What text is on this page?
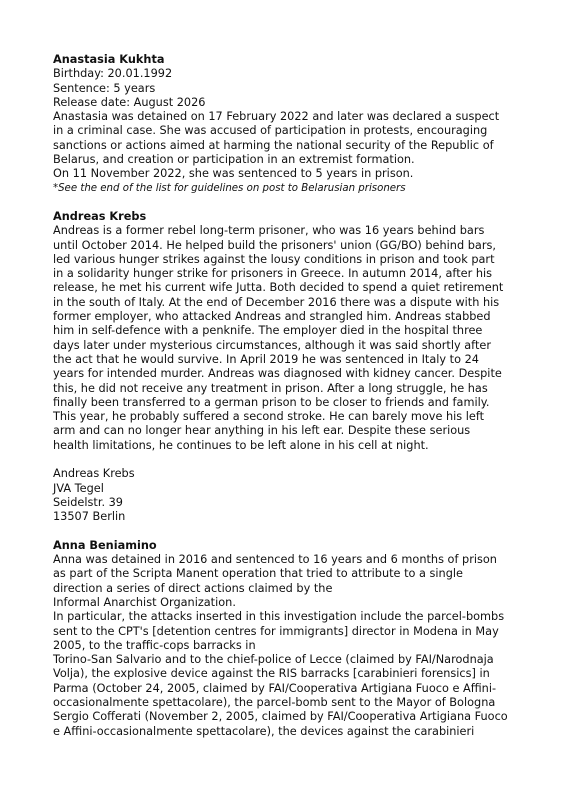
Anastasia Kukhta
Birthday: 20.01.1992
Sentence: 5 years
Release date: August 2026
Anastasia was detained on 17 February 2022 and later was declared a suspect
in a criminal case. She was accused of participation in protests, encouraging
sanctions or actions aimed at harming the national security of the Republic of
Belarus, and creation or participation in an extremist formation.
On 11 November 2022, she was sentenced to 5 years in prison.
*See the end of the list for guidelines on post to Belarusian prisoners
Andreas Krebs
Andreas is a former rebel long-term prisoner, who was 16 years behind bars
until October 2014. He helped build the prisoners' union (GG/BO) behind bars,
led various hunger strikes against the lousy conditions in prison and took part
in a solidarity hunger strike for prisoners in Greece. In autumn 2014, after his
release, he met his current wife Jutta. Both decided to spend a quiet retirement
in the south of Italy. At the end of December 2016 there was a dispute with his
former employer, who attacked Andreas and strangled him. Andreas stabbed
him in self-defence with a penknife. The employer died in the hospital three
days later under mysterious circumstances, although it was said shortly after
the act that he would survive. In April 2019 he was sentenced in Italy to 24
years for intended murder. Andreas was diagnosed with kidney cancer. Despite
this, he did not receive any treatment in prison. After a long struggle, he has
finally been transferred to a german prison to be closer to friends and family.
This year, he probably suffered a second stroke. He can barely move his left
arm and can no longer hear anything in his left ear. Despite these serious
health limitations, he continues to be left alone in his cell at night.
Andreas Krebs
JVA Tegel
Seidelstr. 39
13507 Berlin
Anna Beniamino
Anna was detained in 2016 and sentenced to 16 years and 6 months of prison
as part of the Scripta Manent operation that tried to attribute to a single
direction a series of direct actions claimed by the
Informal Anarchist Organization.
In particular, the attacks inserted in this investigation include the parcel-bombs
sent to the CPT's [detention centres for immigrants] director in Modena in May
2005, to the traffic-cops barracks in
Torino-San Salvario and to the chief-police of Lecce (claimed by FAI/Narodnaja
Volja), the explosive device against the RIS barracks [carabinieri forensics] in
Parma (October 24, 2005, claimed by FAI/Cooperativa Artigiana Fuoco e Affini-
occasionalmente spettacolare), the parcel-bomb sent to the Mayor of Bologna
Sergio Cofferati (November 2, 2005, claimed by FAI/Cooperativa Artigiana Fuoco
e Affini-occasionalmente spettacolare), the devices against the carabinieri
